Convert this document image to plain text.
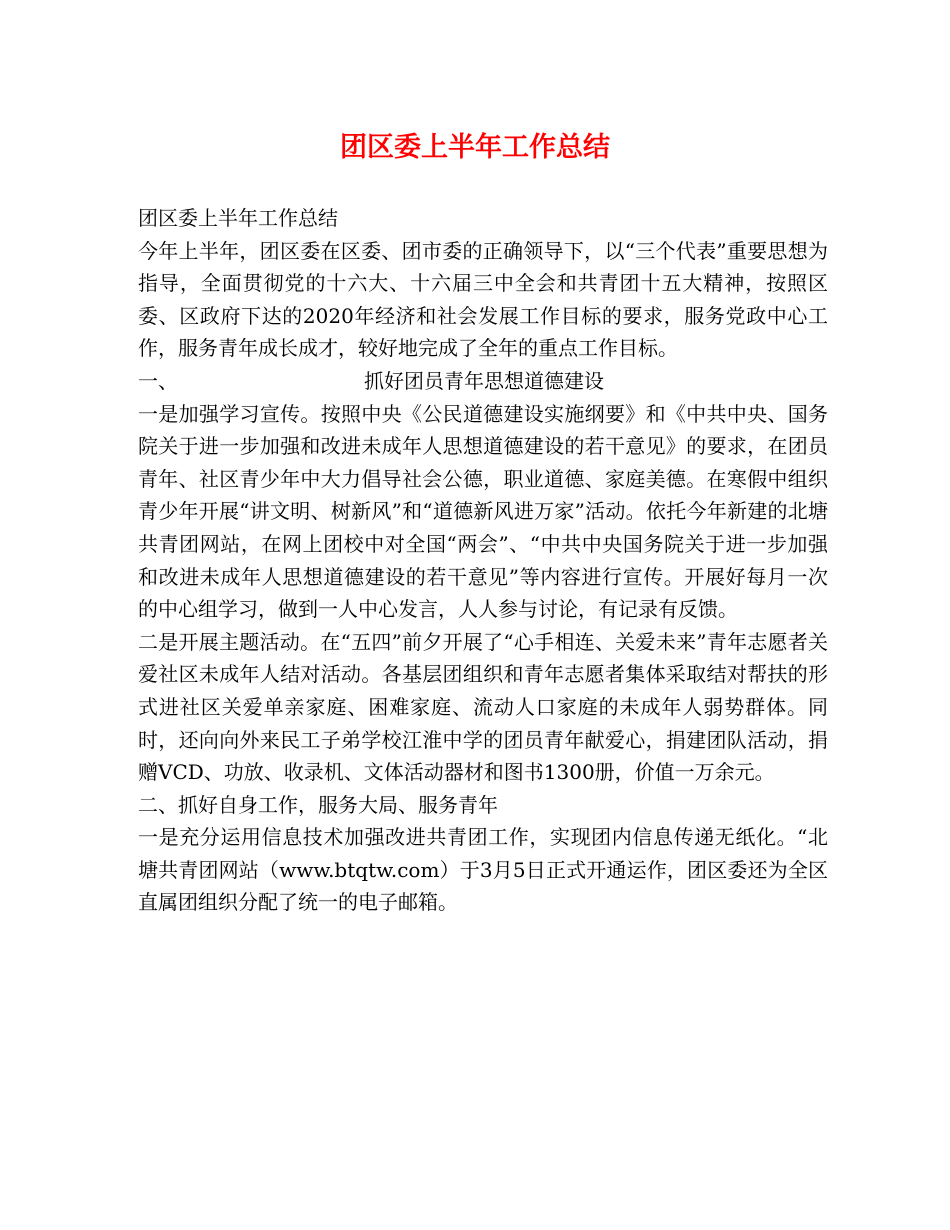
团区委上半年工作总结

团区委上半年工作总结

今年上半年，团区委在区委、团市委的正确领导下，以“三个代表”重要思想为指导，全面贯彻党的十六大、十六届三中全会和共青团十五大精神，按照区委、区政府下达的2020年经济和社会发展工作目标的要求，服务党政中心工作，服务青年成长成才，较好地完成了全年的重点工作目标。

一、	抓好团员青年思想道德建设

一是加强学习宣传。按照中央《公民道德建设实施纲要》和《中共中央、国务院关于进一步加强和改进未成年人思想道德建设的若干意见》的要求，在团员青年、社区青少年中大力倡导社会公德，职业道德、家庭美德。在寒假中组织青少年开展“讲文明、树新风”和“道德新风进万家”活动。依托今年新建的北塘共青团网站，在网上团校中对全国“两会”、“中共中央国务院关于进一步加强和改进未成年人思想道德建设的若干意见”等内容进行宣传。开展好每月一次的中心组学习，做到一人中心发言，人人参与讨论，有记录有反馈。

二是开展主题活动。在“五四”前夕开展了“心手相连、关爱未来”青年志愿者关爱社区未成年人结对活动。各基层团组织和青年志愿者集体采取结对帮扶的形式进社区关爱单亲家庭、困难家庭、流动人口家庭的未成年人弱势群体。同时，还向向外来民工子弟学校江淮中学的团员青年献爱心，捐建团队活动，捐赠VCD、功放、收录机、文体活动器材和图书1300册，价值一万余元。

二、抓好自身工作，服务大局、服务青年

一是充分运用信息技术加强改进共青团工作，实现团内信息传递无纸化。“北塘共青团网站（www.btqtw.com）于3月5日正式开通运作，团区委还为全区直属团组织分配了统一的电子邮箱。
